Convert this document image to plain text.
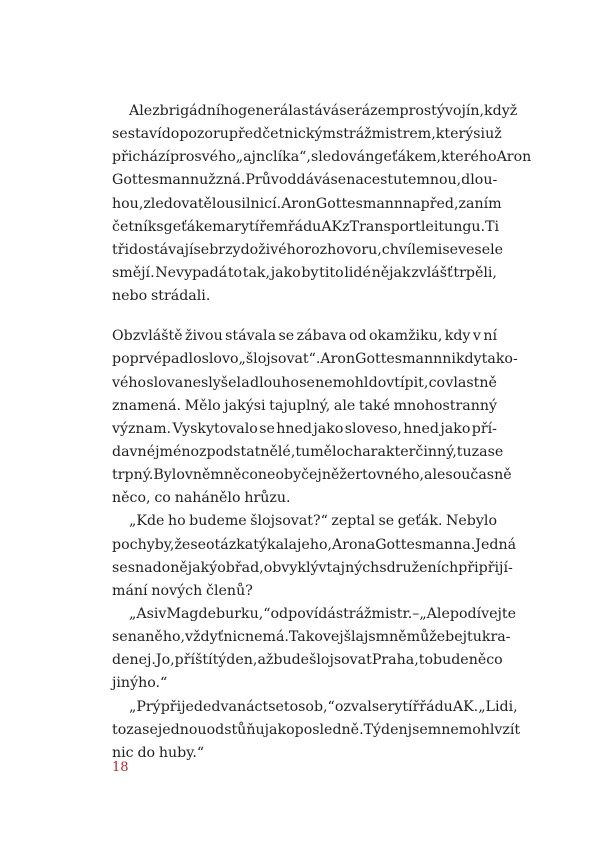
Ale z brigádního generála stává se rázem prostý vojín, když
se staví do pozoru před četnickým strážmistrem, který si už
přichází pro svého „ajnclíka“, sledován geťákem, kterého Aron
Gottesmann už zná. Průvod dává se na cestu temnou, dlou-
hou, zledovatělou silnicí. Aron Gottesmann napřed, za ním
četník s geťákem a rytířem řádu AK z Transportleitungu. Ti
tři dostávají se brzy do živého rozhovoru, chvílemi se vesele
smějí. Nevypadá to tak, jako by tito lidé nějak zvlášť trpěli,
nebo strádali.
Obzvláště živou stávala se zábava od okamžiku, kdy v ní
poprvé padlo slovo „šlojsovat“. Aron Gottesmann nikdy tako-
vého slova neslyšel a dlouho se nemohl dovtípit, co vlastně
znamená. Mělo jakýsi tajuplný, ale také mnohostranný
význam. Vyskytovalo se hned jako sloveso, hned jako pří-
davné jméno zpodstatnělé, tu mělo charakter činný, tu zase
trpný. Bylo v něm něco neobyčejně žertovného, ale současně
něco, co nahánělo hrůzu.
„Kde ho budeme šlojsovat?“ zeptal se geťák. Nebylo
pochyby, že se otázka týkala jeho, Arona Gottesmanna. Jedná
se snad o nějaký obřad, obvyklý v tajných sdruženích při přijí-
mání nových členů?
„Asi v Magdeburku,“ odpovídá strážmistr. – „Ale podívejte
se na něho, vždyť nic nemá. Takovej šlajs mně může bejt ukra-
denej. Jo, příští týden, až bude šlojsovat Praha, to bude něco
jinýho.“
„Prý přijede dvanáct set osob,“ ozval se rytíř řádu AK. „Lidi,
to zase jednou odstůňu jako posledně. Týden jsem nemohl vzít
nic do huby.“
18
